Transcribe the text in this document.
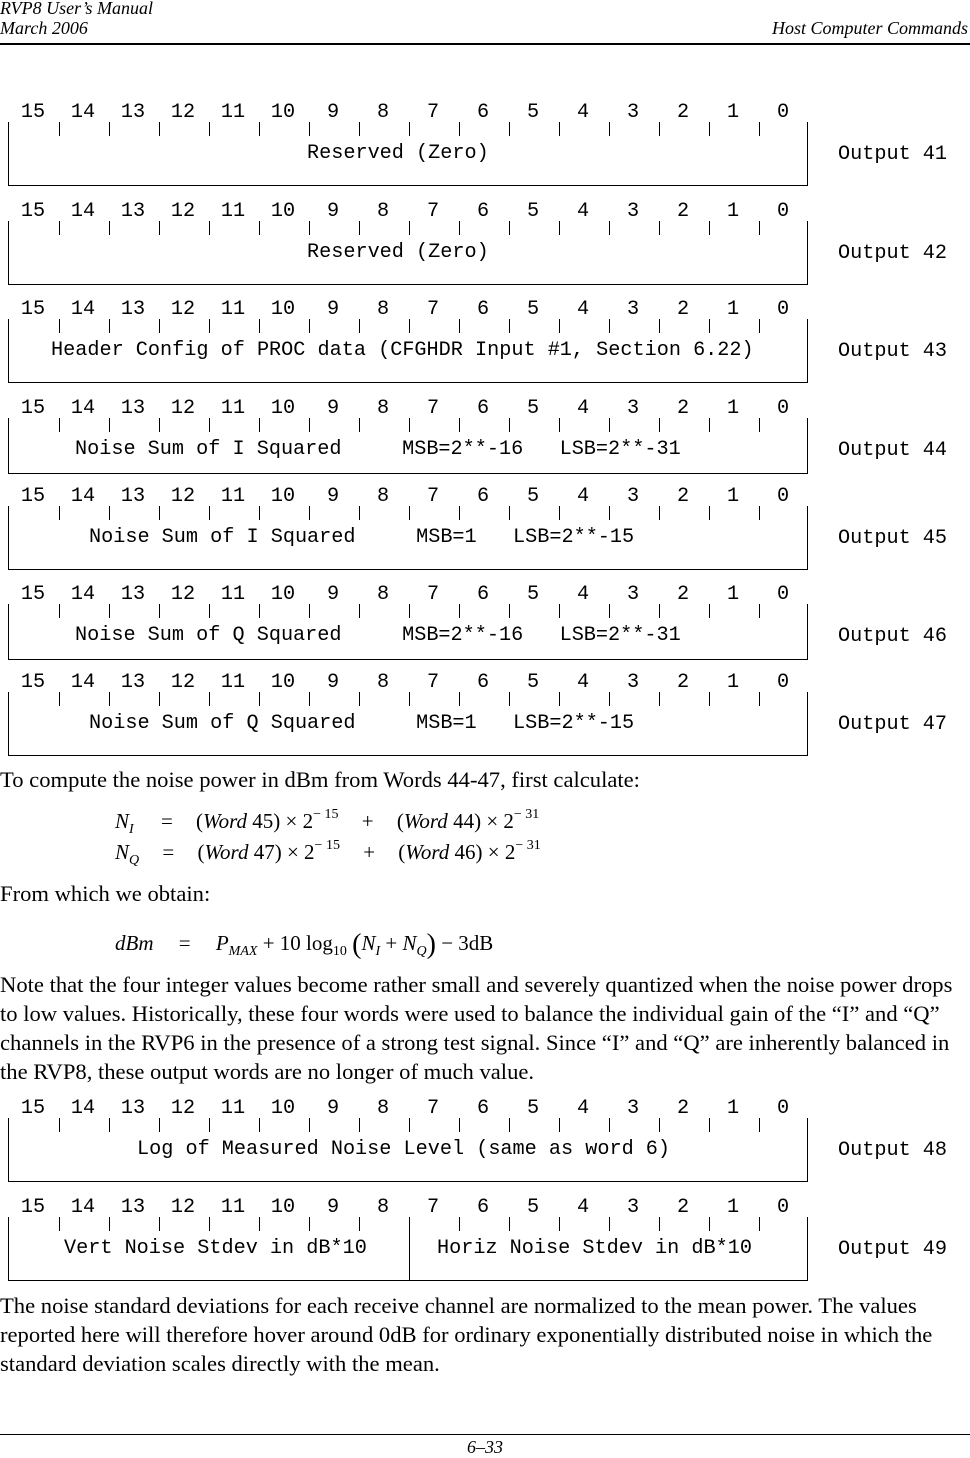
RVP8 User’s Manual
March 2006	Host Computer Commands
15	14	13	12	11	10	9	8	7	6	5	4	3	2	1	0
Reserved (Zero)	Output 41
15	14	13	12	11	10	9	8	7	6	5	4	3	2	1	0
Reserved (Zero)	Output 42
15	14	13	12	11	10	9	8	7	6	5	4	3	2	1	0
Header Config of PROC data (CFGHDR Input #1, Section 6.22)	Output 43
15	14	13	12	11	10	9	8	7	6	5	4	3	2	1	0
Noise Sum of I Squared     MSB=2**-16   LSB=2**-31	Output 44
15	14	13	12	11	10	9	8	7	6	5	4	3	2	1	0
Noise Sum of I Squared     MSB=1   LSB=2**-15	Output 45
15	14	13	12	11	10	9	8	7	6	5	4	3	2	1	0
Noise Sum of Q Squared     MSB=2**-16   LSB=2**-31	Output 46
15	14	13	12	11	10	9	8	7	6	5	4	3	2	1	0
Noise Sum of Q Squared     MSB=1   LSB=2**-15	Output 47
To compute the noise power in dBm from Words 44-47, first calculate:
$N_I$ = (Word $45) \times 2^{- 15}$ + (Word $44) \times 2^{- 31}$
$N_Q$ = (Word $47) \times 2^{- 15}$ + (Word $46) \times 2^{- 31}$
From which we obtain:
dBm = $P_{MAX} + 10$ $\log_{10} (N_I + N_Q) - 3dB$
Note that the four integer values become rather small and severely quantized when the noise power drops to low values. Historically, these four words were used to balance the individual gain of the “I” and “Q” channels in the RVP6 in the presence of a strong test signal. Since “I” and “Q” are inherently balanced in the RVP8, these output words are no longer of much value.
15	14	13	12	11	10	9	8	7	6	5	4	3	2	1	0
Log of Measured Noise Level (same as word 6)	Output 48
15	14	13	12	11	10	9	8	7	6	5	4	3	2	1	0
Vert Noise Stdev in dB*10	Horiz Noise Stdev in dB*10	Output 49
The noise standard deviations for each receive channel are normalized to the mean power. The values reported here will therefore hover around 0dB for ordinary exponentially distributed noise in which the standard deviation scales directly with the mean.
6–33
